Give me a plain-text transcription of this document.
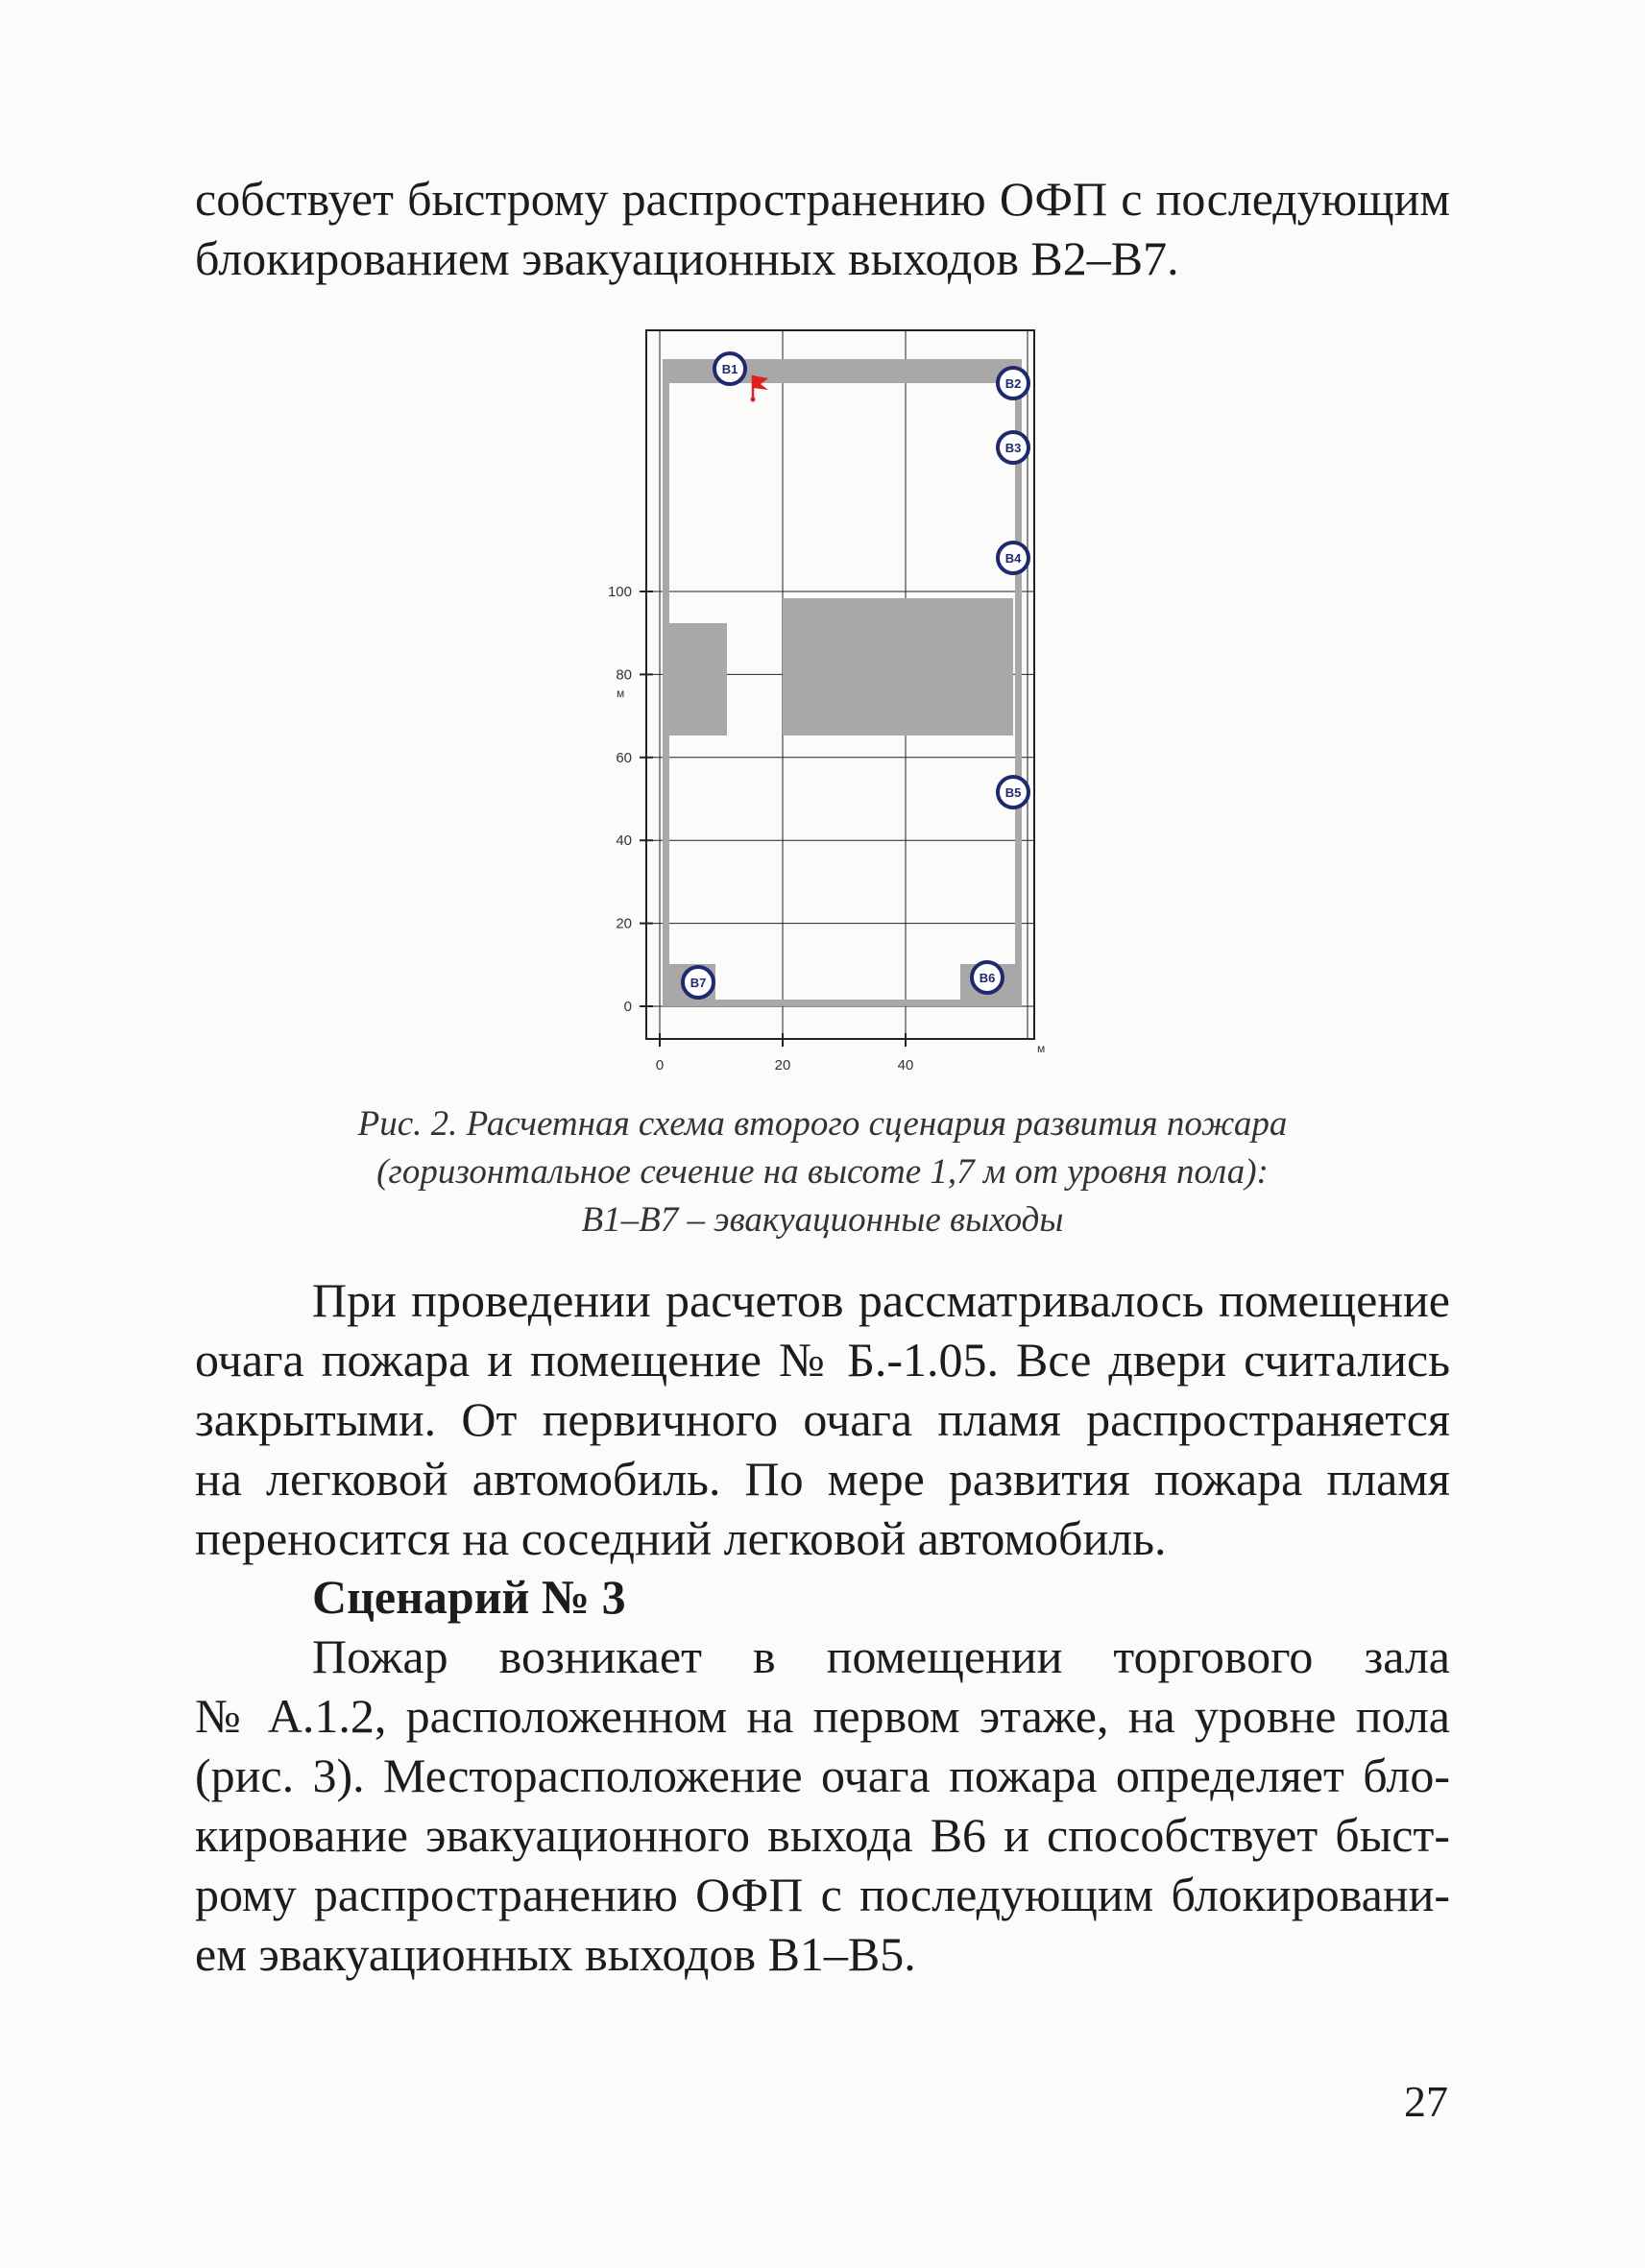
собствует быстрому распространению ОФП с последующим
блокированием эвакуационных выходов В2–В7.

B1
B2
B3
B4
B5
B6
B7
0
20
40
60
80
100
0	20	40
м
м
Рис. 2. Расчетная схема второго сценария развития пожара
(горизонтальное сечение на высоте 1,7 м от уровня пола):
В1–В7 – эвакуационные выходы

При проведении расчетов рассматривалось помещение
очага пожара и помещение № Б.-1.05. Все двери считались
закрытыми. От первичного очага пламя распространяется
на легковой автомобиль. По мере развития пожара пламя
переносится на соседний легковой автомобиль.

Сценарий № 3

Пожар возникает в помещении торгового зала
№ А.1.2, расположенном на первом этаже, на уровне пола
(рис. 3). Месторасположение очага пожара определяет бло-
кирование эвакуационного выхода В6 и способствует быст-
рому распространению ОФП с последующим блокировани-
ем эвакуационных выходов В1–В5.

27
